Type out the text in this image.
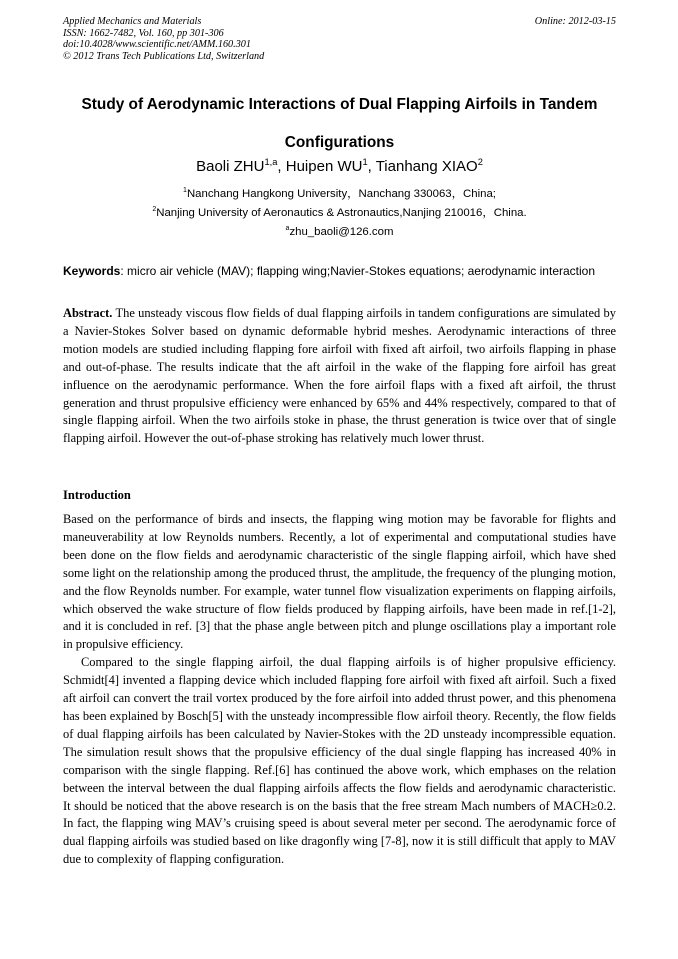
Applied Mechanics and Materials
ISSN: 1662-7482, Vol. 160, pp 301-306
doi:10.4028/www.scientific.net/AMM.160.301
© 2012 Trans Tech Publications Ltd, Switzerland
Online: 2012-03-15
Study of Aerodynamic Interactions of Dual Flapping Airfoils in Tandem Configurations
Baoli ZHU$^{1,a}$, Huipen $WU^1$, Tianhang XIAO$^2$
$^1$Nanchang Hangkong University，Nanchang 330063，China;
$^2$Nanjing University of Aeronautics & Astronautics,Nanjing 210016，China.
$^a$zhu_baoli@126.com
Keywords: micro air vehicle (MAV); flapping wing;Navier-Stokes equations; aerodynamic interaction
Abstract. The unsteady viscous flow fields of dual flapping airfoils in tandem configurations are simulated by a Navier-Stokes Solver based on dynamic deformable hybrid meshes. Aerodynamic interactions of three motion models are studied including flapping fore airfoil with fixed aft airfoil, two airfoils flapping in phase and out-of-phase. The results indicate that the aft airfoil in the wake of the flapping fore airfoil has great influence on the aerodynamic performance. When the fore airfoil flaps with a fixed aft airfoil, the thrust generation and thrust propulsive efficiency were enhanced by 65% and 44% respectively, compared to that of single flapping airfoil. When the two airfoils stoke in phase, the thrust generation is twice over that of single flapping airfoil. However the out-of-phase stroking has relatively much lower thrust.
Introduction

Based on the performance of birds and insects, the flapping wing motion may be favorable for flights and maneuverability at low Reynolds numbers. Recently, a lot of experimental and computational studies have been done on the flow fields and aerodynamic characteristic of the single flapping airfoil, which have shed some light on the relationship among the produced thrust, the amplitude, the frequency of the plunging motion, and the flow Reynolds number. For example, water tunnel flow visualization experiments on flapping airfoils, which observed the wake structure of flow fields produced by flapping airfoils, have been made in ref.[1-2], and it is concluded in ref. [3] that the phase angle between pitch and plunge oscillations play a important role in propulsive efficiency.

Compared to the single flapping airfoil, the dual flapping airfoils is of higher propulsive efficiency. Schmidt[4] invented a flapping device which included flapping fore airfoil with fixed aft airfoil. Such a fixed aft airfoil can convert the trail vortex produced by the fore airfoil into added thrust power, and this phenomena has been explained by Bosch[5] with the unsteady incompressible flow airfoil theory. Recently, the flow fields of dual flapping airfoils has been calculated by Navier-Stokes with the 2D unsteady incompressible equation. The simulation result shows that the propulsive efficiency of the dual single flapping has increased 40% in comparison with the single flapping. Ref.[6] has continued the above work, which emphases on the relation between the interval between the dual flapping airfoils affects the flow fields and aerodynamic characteristic. It should be noticed that the above research is on the basis that the free stream Mach numbers of MACH≥0.2. In fact, the flapping wing MAV’s cruising speed is about several meter per second. The aerodynamic force of dual flapping airfoils was studied based on like dragonfly wing [7-8], now it is still difficult that apply to MAV due to complexity of flapping configuration.
